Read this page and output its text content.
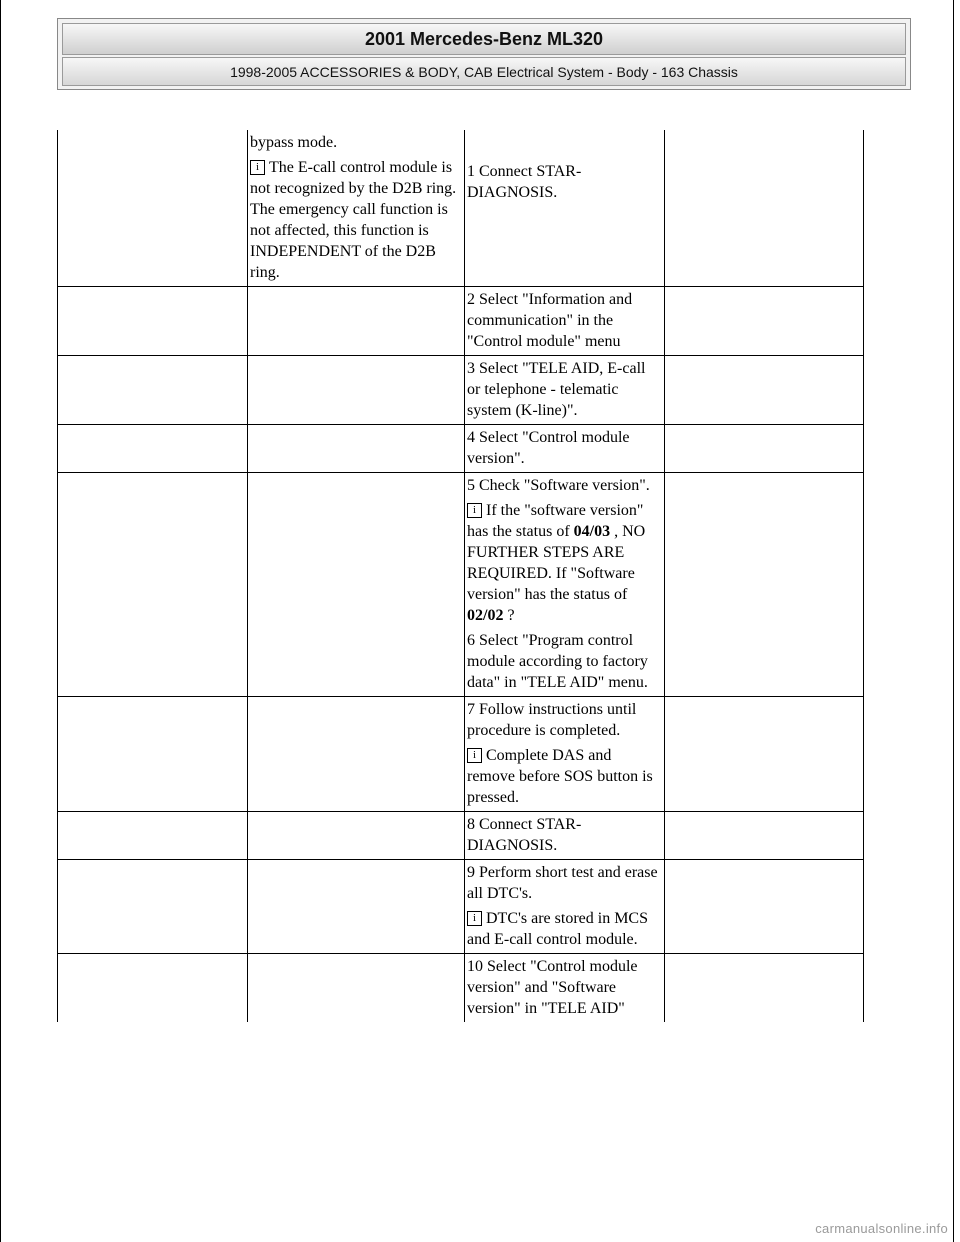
2001 Mercedes-Benz ML320
1998-2005 ACCESSORIES & BODY, CAB Electrical System - Body - 163 Chassis

	bypass mode.

i The E-call control module is not recognized by the D2B ring.
The emergency call function is not affected, this function is INDEPENDENT of the D2B ring.	1 Connect STAR-DIAGNOSIS.	

		2 Select "Information and communication" in the "Control module" menu	

		3 Select "TELE AID, E-call or telephone - telematic system (K-line)".	

		4 Select "Control module version".	

		5 Check "Software version".

i If the "software version" has the status of 04/03 , NO FURTHER STEPS ARE REQUIRED. If "Software version" has the status of 02/02 ?

6 Select "Program control module according to factory data" in "TELE AID" menu.	

		7 Follow instructions until procedure is completed.

i Complete DAS and remove before SOS button is pressed.	

		8 Connect STAR-DIAGNOSIS.	

		9 Perform short test and erase all DTC's.

i DTC's are stored in MCS and E-call control module.	

		10 Select "Control module version" and "Software version" in "TELE AID"	

carmanualsonline.info
